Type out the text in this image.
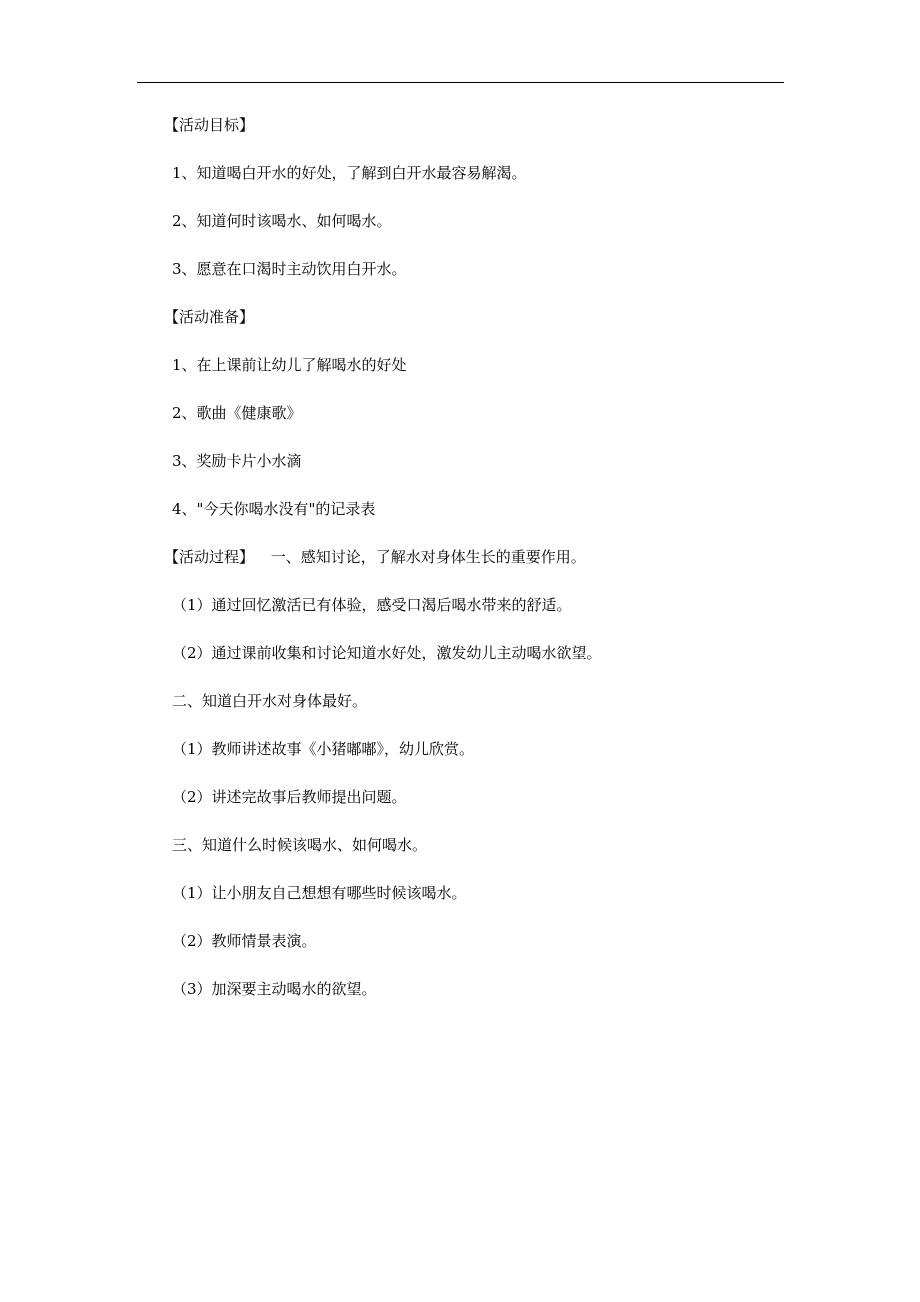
【活动目标】
1、知道喝白开水的好处，了解到白开水最容易解渴。
2、知道何时该喝水、如何喝水。
3、愿意在口渴时主动饮用白开水。
【活动准备】
1、在上课前让幼儿了解喝水的好处
2、歌曲《健康歌》
3、奖励卡片小水滴
4、"今天你喝水没有"的记录表
【活动过程】 一、感知讨论，了解水对身体生长的重要作用。
（1）通过回忆激活已有体验，感受口渴后喝水带来的舒适。
（2）通过课前收集和讨论知道水好处，激发幼儿主动喝水欲望。
二、知道白开水对身体最好。
（1）教师讲述故事《小猪嘟嘟》，幼儿欣赏。
（2）讲述完故事后教师提出问题。
三、知道什么时候该喝水、如何喝水。
（1）让小朋友自己想想有哪些时候该喝水。
（2）教师情景表演。
（3）加深要主动喝水的欲望。
